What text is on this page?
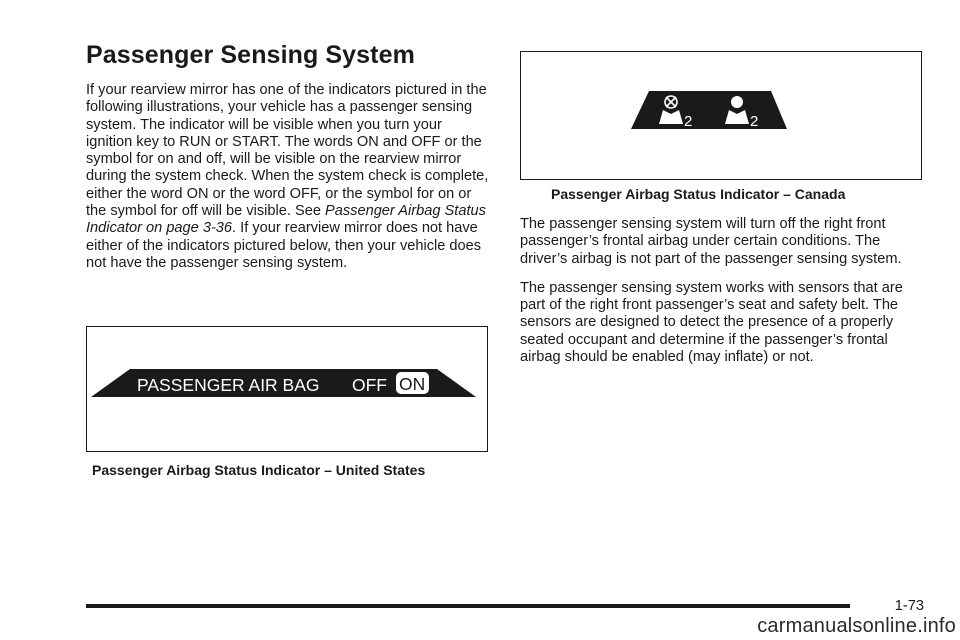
Passenger Sensing System

If your rearview mirror has one of the indicators pictured in the following illustrations, your vehicle has a passenger sensing system. The indicator will be visible when you turn your ignition key to RUN or START. The words ON and OFF or the symbol for on and off, will be visible on the rearview mirror during the system check. When the system check is complete, either the word ON or the word OFF, or the symbol for on or the symbol for off will be visible. See Passenger Airbag Status Indicator on page 3-36. If your rearview mirror does not have either of the indicators pictured below, then your vehicle does not have the passenger sensing system.

PASSENGER AIR BAG OFF ON
Passenger Airbag Status Indicator – United States
2	2
Passenger Airbag Status Indicator – Canada

The passenger sensing system will turn off the right front passenger’s frontal airbag under certain conditions. The driver’s airbag is not part of the passenger sensing system.

The passenger sensing system works with sensors that are part of the right front passenger’s seat and safety belt. The sensors are designed to detect the presence of a properly seated occupant and determine if the passenger’s frontal airbag should be enabled (may inflate) or not.

1-73
carmanualsonline.info
